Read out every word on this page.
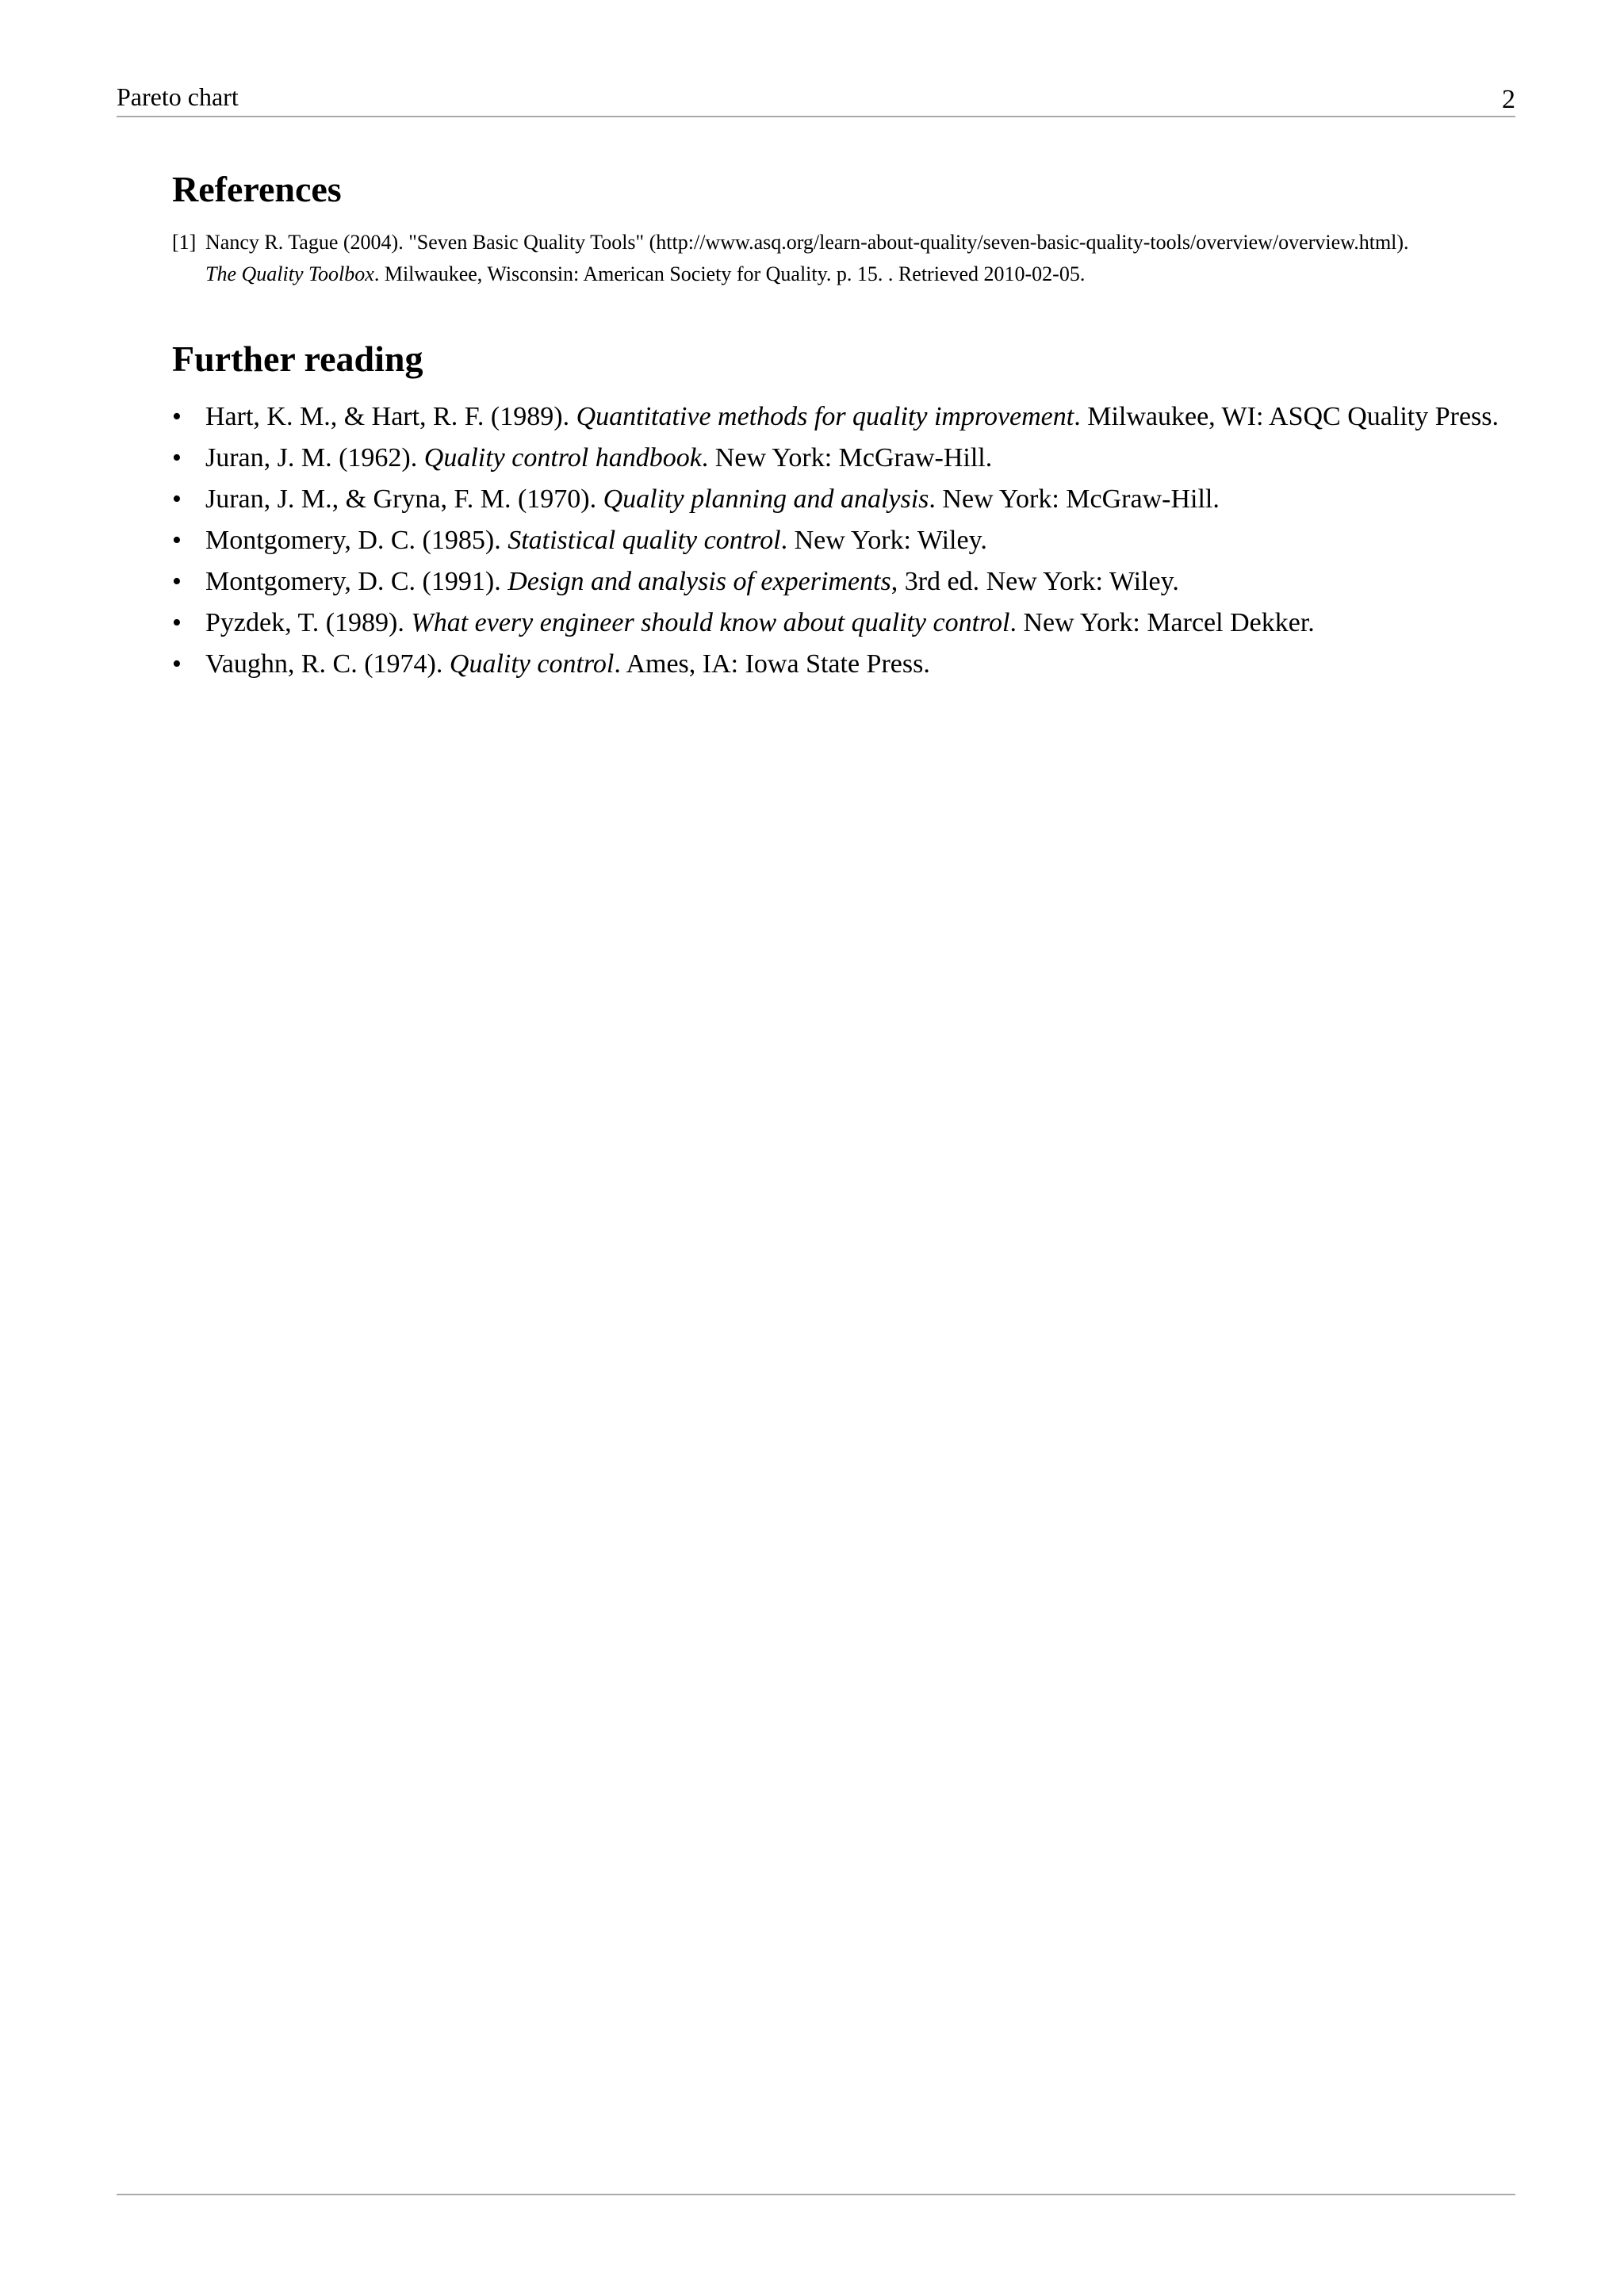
Pareto chart	2
References
[1] Nancy R. Tague (2004). "Seven Basic Quality Tools" (http://www.asq.org/learn-about-quality/seven-basic-quality-tools/overview/overview.html). The Quality Toolbox. Milwaukee, Wisconsin: American Society for Quality. p. 15. . Retrieved 2010-02-05.
Further reading
• Hart, K. M., & Hart, R. F. (1989). Quantitative methods for quality improvement. Milwaukee, WI: ASQC Quality Press.
• Juran, J. M. (1962). Quality control handbook. New York: McGraw-Hill.
• Juran, J. M., & Gryna, F. M. (1970). Quality planning and analysis. New York: McGraw-Hill.
• Montgomery, D. C. (1985). Statistical quality control. New York: Wiley.
• Montgomery, D. C. (1991). Design and analysis of experiments, 3rd ed. New York: Wiley.
• Pyzdek, T. (1989). What every engineer should know about quality control. New York: Marcel Dekker.
• Vaughn, R. C. (1974). Quality control. Ames, IA: Iowa State Press.
